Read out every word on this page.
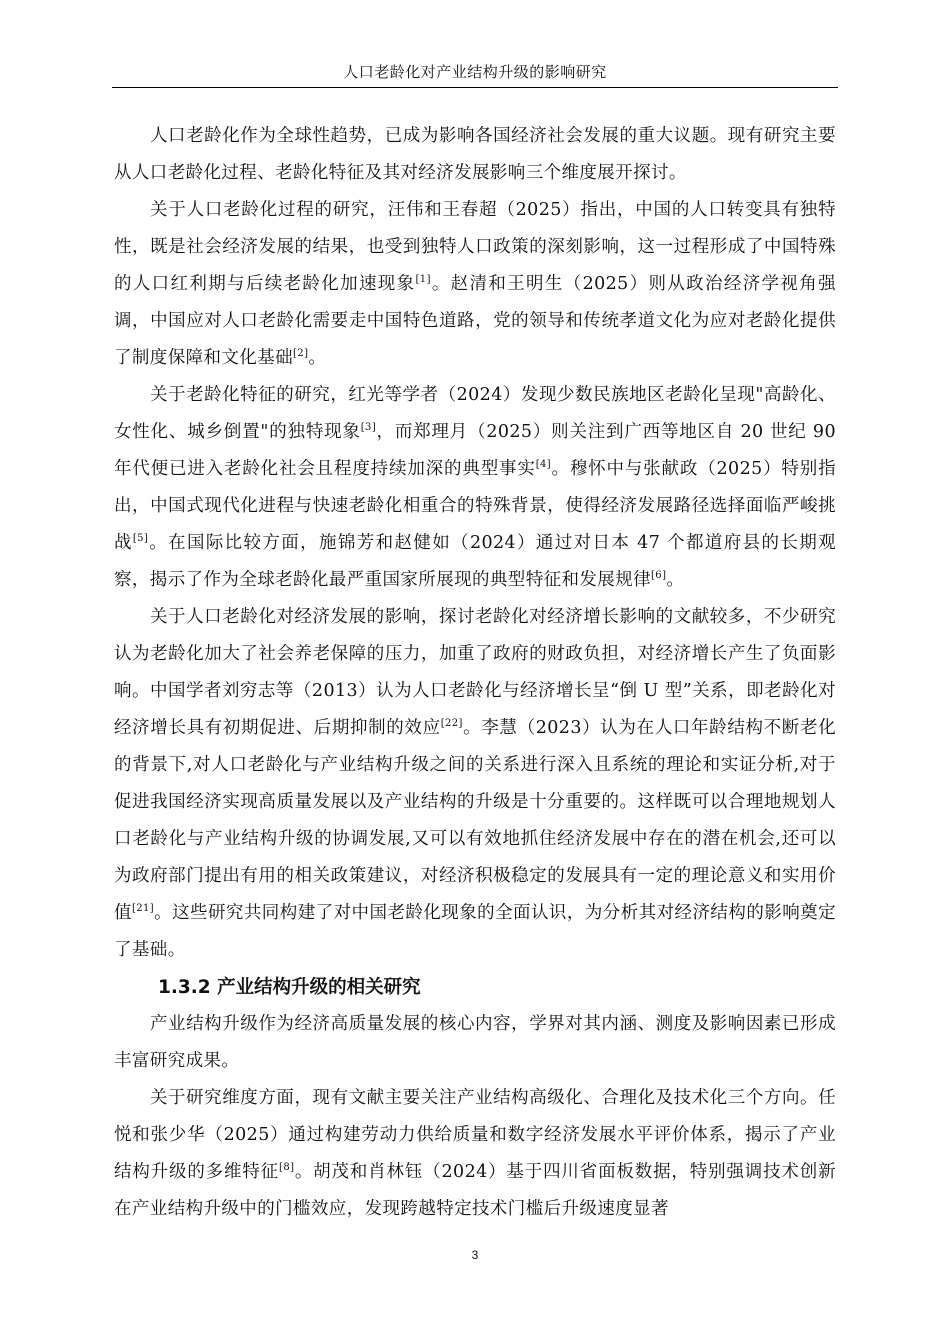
人口老龄化对产业结构升级的影响研究

人口老龄化作为全球性趋势，已成为影响各国经济社会发展的重大议题。现有研究主要从人口老龄化过程、老龄化特征及其对经济发展影响三个维度展开探讨。

关于人口老龄化过程的研究，汪伟和王春超（2025）指出，中国的人口转变具有独特性，既是社会经济发展的结果，也受到独特人口政策的深刻影响，这一过程形成了中国特殊的人口红利期与后续老龄化加速现象[1]。赵清和王明生（2025）则从政治经济学视角强调，中国应对人口老龄化需要走中国特色道路，党的领导和传统孝道文化为应对老龄化提供了制度保障和文化基础[2]。

关于老龄化特征的研究，红光等学者（2024）发现少数民族地区老龄化呈现"高龄化、女性化、城乡倒置"的独特现象[3]，而郑理月（2025）则关注到广西等地区自 20 世纪 90 年代便已进入老龄化社会且程度持续加深的典型事实[4]。穆怀中与张献政（2025）特别指出，中国式现代化进程与快速老龄化相重合的特殊背景，使得经济发展路径选择面临严峻挑战[5]。在国际比较方面，施锦芳和赵健如（2024）通过对日本 47 个都道府县的长期观察，揭示了作为全球老龄化最严重国家所展现的典型特征和发展规律[6]。

关于人口老龄化对经济发展的影响，探讨老龄化对经济增长影响的文献较多，不少研究认为老龄化加大了社会养老保障的压力，加重了政府的财政负担，对经济增长产生了负面影响。中国学者刘穷志等（2013）认为人口老龄化与经济增长呈“倒 U 型”关系，即老龄化对经济增长具有初期促进、后期抑制的效应[22]。李慧（2023）认为在人口年龄结构不断老化的背景下,对人口老龄化与产业结构升级之间的关系进行深入且系统的理论和实证分析,对于促进我国经济实现高质量发展以及产业结构的升级是十分重要的。这样既可以合理地规划人口老龄化与产业结构升级的协调发展,又可以有效地抓住经济发展中存在的潜在机会,还可以为政府部门提出有用的相关政策建议，对经济积极稳定的发展具有一定的理论意义和实用价值[21]。这些研究共同构建了对中国老龄化现象的全面认识，为分析其对经济结构的影响奠定了基础。

1.3.2 产业结构升级的相关研究

产业结构升级作为经济高质量发展的核心内容，学界对其内涵、测度及影响因素已形成丰富研究成果。

关于研究维度方面，现有文献主要关注产业结构高级化、合理化及技术化三个方向。任悦和张少华（2025）通过构建劳动力供给质量和数字经济发展水平评价体系，揭示了产业结构升级的多维特征[8]。胡茂和肖林钰（2024）基于四川省面板数据，特别强调技术创新在产业结构升级中的门槛效应，发现跨越特定技术门槛后升级速度显著

3
